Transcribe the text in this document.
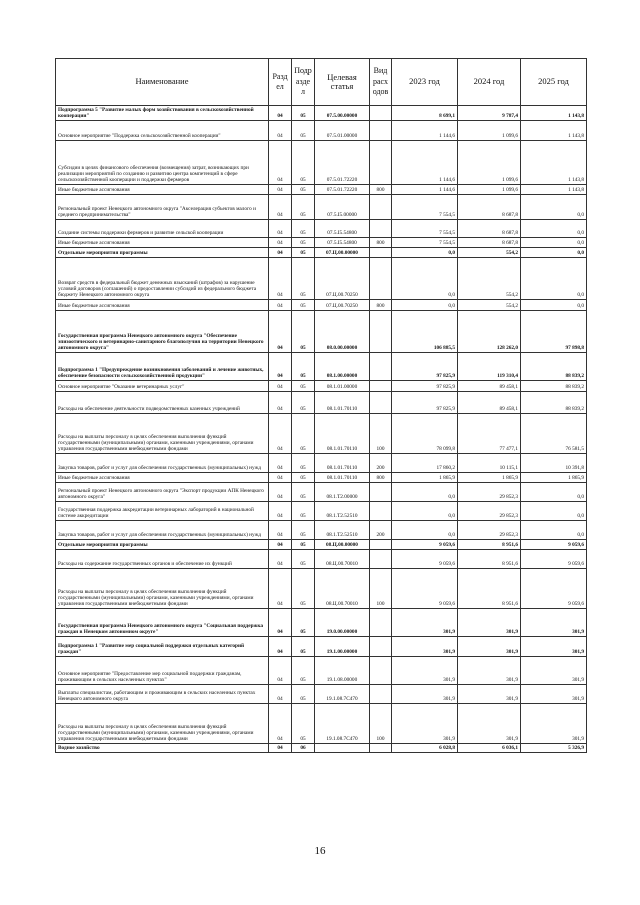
Наименование	Разд ел	Подр азде л	Целевая статья	Вид расх одов	2023 год	2024 год	2025 год
Подпрограмма 5 "Развитие малых форм хозяйствования в сельскохозяйственной кооперации"	04	05	07.5.00.00000		8 699,1	9 787,4	1 143,8
Основное мероприятие "Поддержка сельскохозяйственной кооперации"	04	05	07.5.01.00000		1 144,6	1 099,6	1 143,8
Субсидии в целях финансового обеспечения (возмещения) затрат, возникающих при реализации мероприятий по созданию и развитию центра компетенций в сфере сельскохозяйственной кооперации и поддержки фермеров	04	05	07.5.01.72220		1 144,6	1 099,6	1 143,8
Иные бюджетные ассигнования	04	05	07.5.01.72220	800	1 144,6	1 099,6	1 143,8
Региональный проект Ненецкого автономного округа "Акселерация субъектов малого и среднего предпринимательства"	04	05	07.5.I5.00000		7 554,5	8 687,8	0,0
Создание системы поддержки фермеров и развитие сельской кооперации	04	05	07.5.I5.54800		7 554,5	8 687,8	0,0
Иные бюджетные ассигнования	04	05	07.5.I5.54800	800	7 554,5	8 687,8	0,0
Отдельные мероприятия программы	04	05	07.Ц.00.00000		0,0	554,2	0,0
Возврат средств в федеральный бюджет денежных взысканий (штрафов) за нарушение условий договоров (соглашений) о предоставлении субсидий из федерального бюджета бюджету Ненецкого автономного округа	04	05	07.Ц.00.70250		0,0	554,2	0,0
Иные бюджетные ассигнования	04	05	07.Ц.00.70250	800	0,0	554,2	0,0
Государственная программа Ненецкого автономного округа "Обеспечение эпизоотического и ветеринарно-санитарного благополучия на территории Ненецкого автономного округа"	04	05	08.0.00.00000		106 885,5	128 262,0	97 898,8
Подпрограмма 1 "Предупреждение возникновения заболеваний и лечение животных, обеспечение безопасности сельскохозяйственной продукции"	04	05	08.1.00.00000		97 825,9	119 310,4	88 839,2
Основное мероприятие "Оказание ветеринарных услуг"	04	05	08.1.01.00000		97 825,9	89 458,1	88 839,2
Расходы на обеспечение деятельности подведомственных казенных учреждений	04	05	08.1.01.70110		97 825,9	89 458,1	88 839,2
Расходы на выплаты персоналу в целях обеспечения выполнения функций государственными (муниципальными) органами, казенными учреждениями, органами управления государственными внебюджетными фондами	04	05	08.1.01.70110	100	78 099,8	77 477,1	76 581,5
Закупка товаров, работ и услуг для обеспечения государственных (муниципальных) нужд	04	05	08.1.01.70110	200	17 860,2	10 115,1	10 391,8
Иные бюджетные ассигнования	04	05	08.1.01.70110	800	1 865,9	1 865,9	1 865,9
Региональный проект Ненецкого автономного округа "Экспорт продукции АПК Ненецкого автономного округа"	04	05	08.1.T2.00000		0,0	29 852,3	0,0
Государственная поддержка аккредитации ветеринарных лабораторий в национальной системе аккредитации	04	05	08.1.T2.52510		0,0	29 852,3	0,0
Закупка товаров, работ и услуг для обеспечения государственных (муниципальных) нужд	04	05	08.1.T2.52510	200	0,0	29 852,3	0,0
Отдельные мероприятия программы	04	05	08.Ц.00.00000		9 059,6	8 951,6	9 059,6
Расходы на содержание государственных органов и обеспечение их функций	04	05	08.Ц.00.70010		9 059,6	8 951,6	9 059,6
Расходы на выплаты персоналу в целях обеспечения выполнения функций государственными (муниципальными) органами, казенными учреждениями, органами управления государственными внебюджетными фондами	04	05	08.Ц.00.70010	100	9 059,6	8 951,6	9 059,6
Государственная программа Ненецкого автономного округа "Социальная поддержка граждан в Ненецком автономном округе"	04	05	19.0.00.00000		301,9	301,9	301,9
Подпрограмма 1 "Развитие мер социальной поддержки отдельных категорий граждан"	04	05	19.1.00.00000		301,9	301,9	301,9
Основное мероприятие "Предоставление мер социальной поддержки гражданам, проживающим в сельских населенных пунктах"	04	05	19.1.08.00000		301,9	301,9	301,9
Выплаты специалистам, работающим и проживающим в сельских населенных пунктах Ненецкого автономного округа	04	05	19.1.08.7C470		301,9	301,9	301,9
Расходы на выплаты персоналу в целях обеспечения выполнения функций государственными (муниципальными) органами, казенными учреждениями, органами управления государственными внебюджетными фондами	04	05	19.1.08.7C470	100	301,9	301,9	301,9
Водное хозяйство	04	06			6 028,8	6 036,1	5 326,9
16
